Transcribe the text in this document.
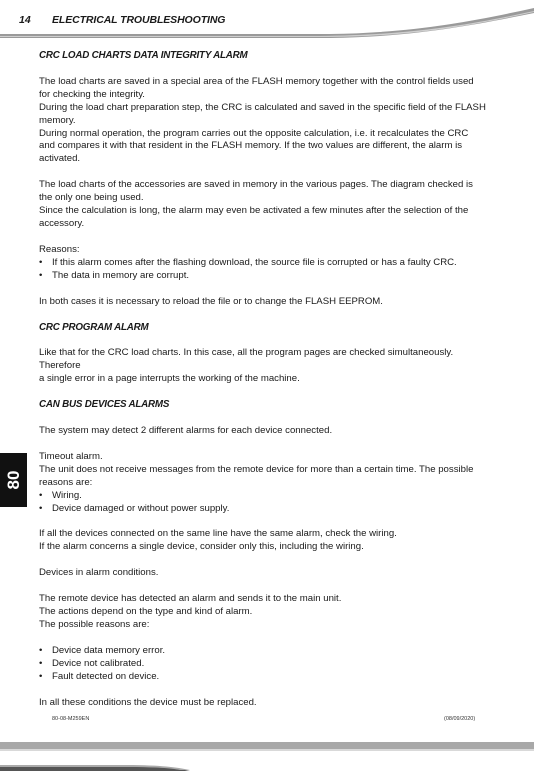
14 ELECTRICAL TROUBLESHOOTING
80
CRC LOAD CHARTS DATA INTEGRITY ALARM

The load charts are saved in a special area of the FLASH memory together with the control fields used

for checking the integrity.

During the load chart preparation step, the CRC is calculated and saved in the specific field of the FLASH

memory.

During normal operation, the program carries out the opposite calculation, i.e. it recalculates the CRC

and compares it with that resident in the FLASH memory. If the two values are different, the alarm is

activated.

The load charts of the accessories are saved in memory in the various pages. The diagram checked is

the only one being used.

Since the calculation is long, the alarm may even be activated a few minutes after the selection of the

accessory.

Reasons:

• If this alarm comes after the flashing download, the source file is corrupted or has a faulty CRC.
• The data in memory are corrupt.

In both cases it is necessary to reload the file or to change the FLASH EEPROM.

CRC PROGRAM ALARM

Like that for the CRC load charts. In this case, all the program pages are checked simultaneously. Therefore

a single error in a page interrupts the working of the machine.

CAN BUS DEVICES ALARMS

The system may detect 2 different alarms for each device connected.

Timeout alarm.

The unit does not receive messages from the remote device for more than a certain time. The possible

reasons are:

• Wiring.
• Device damaged or without power supply.

If all the devices connected on the same line have the same alarm, check the wiring.

If the alarm concerns a single device, consider only this, including the wiring.

Devices in alarm conditions.

The remote device has detected an alarm and sends it to the main unit.

The actions depend on the type and kind of alarm.

The possible reasons are:

• Device data memory error.
• Device not calibrated.
• Fault detected on device.

In all these conditions the device must be replaced.

80-08-M259EN	(08/09/2020)
